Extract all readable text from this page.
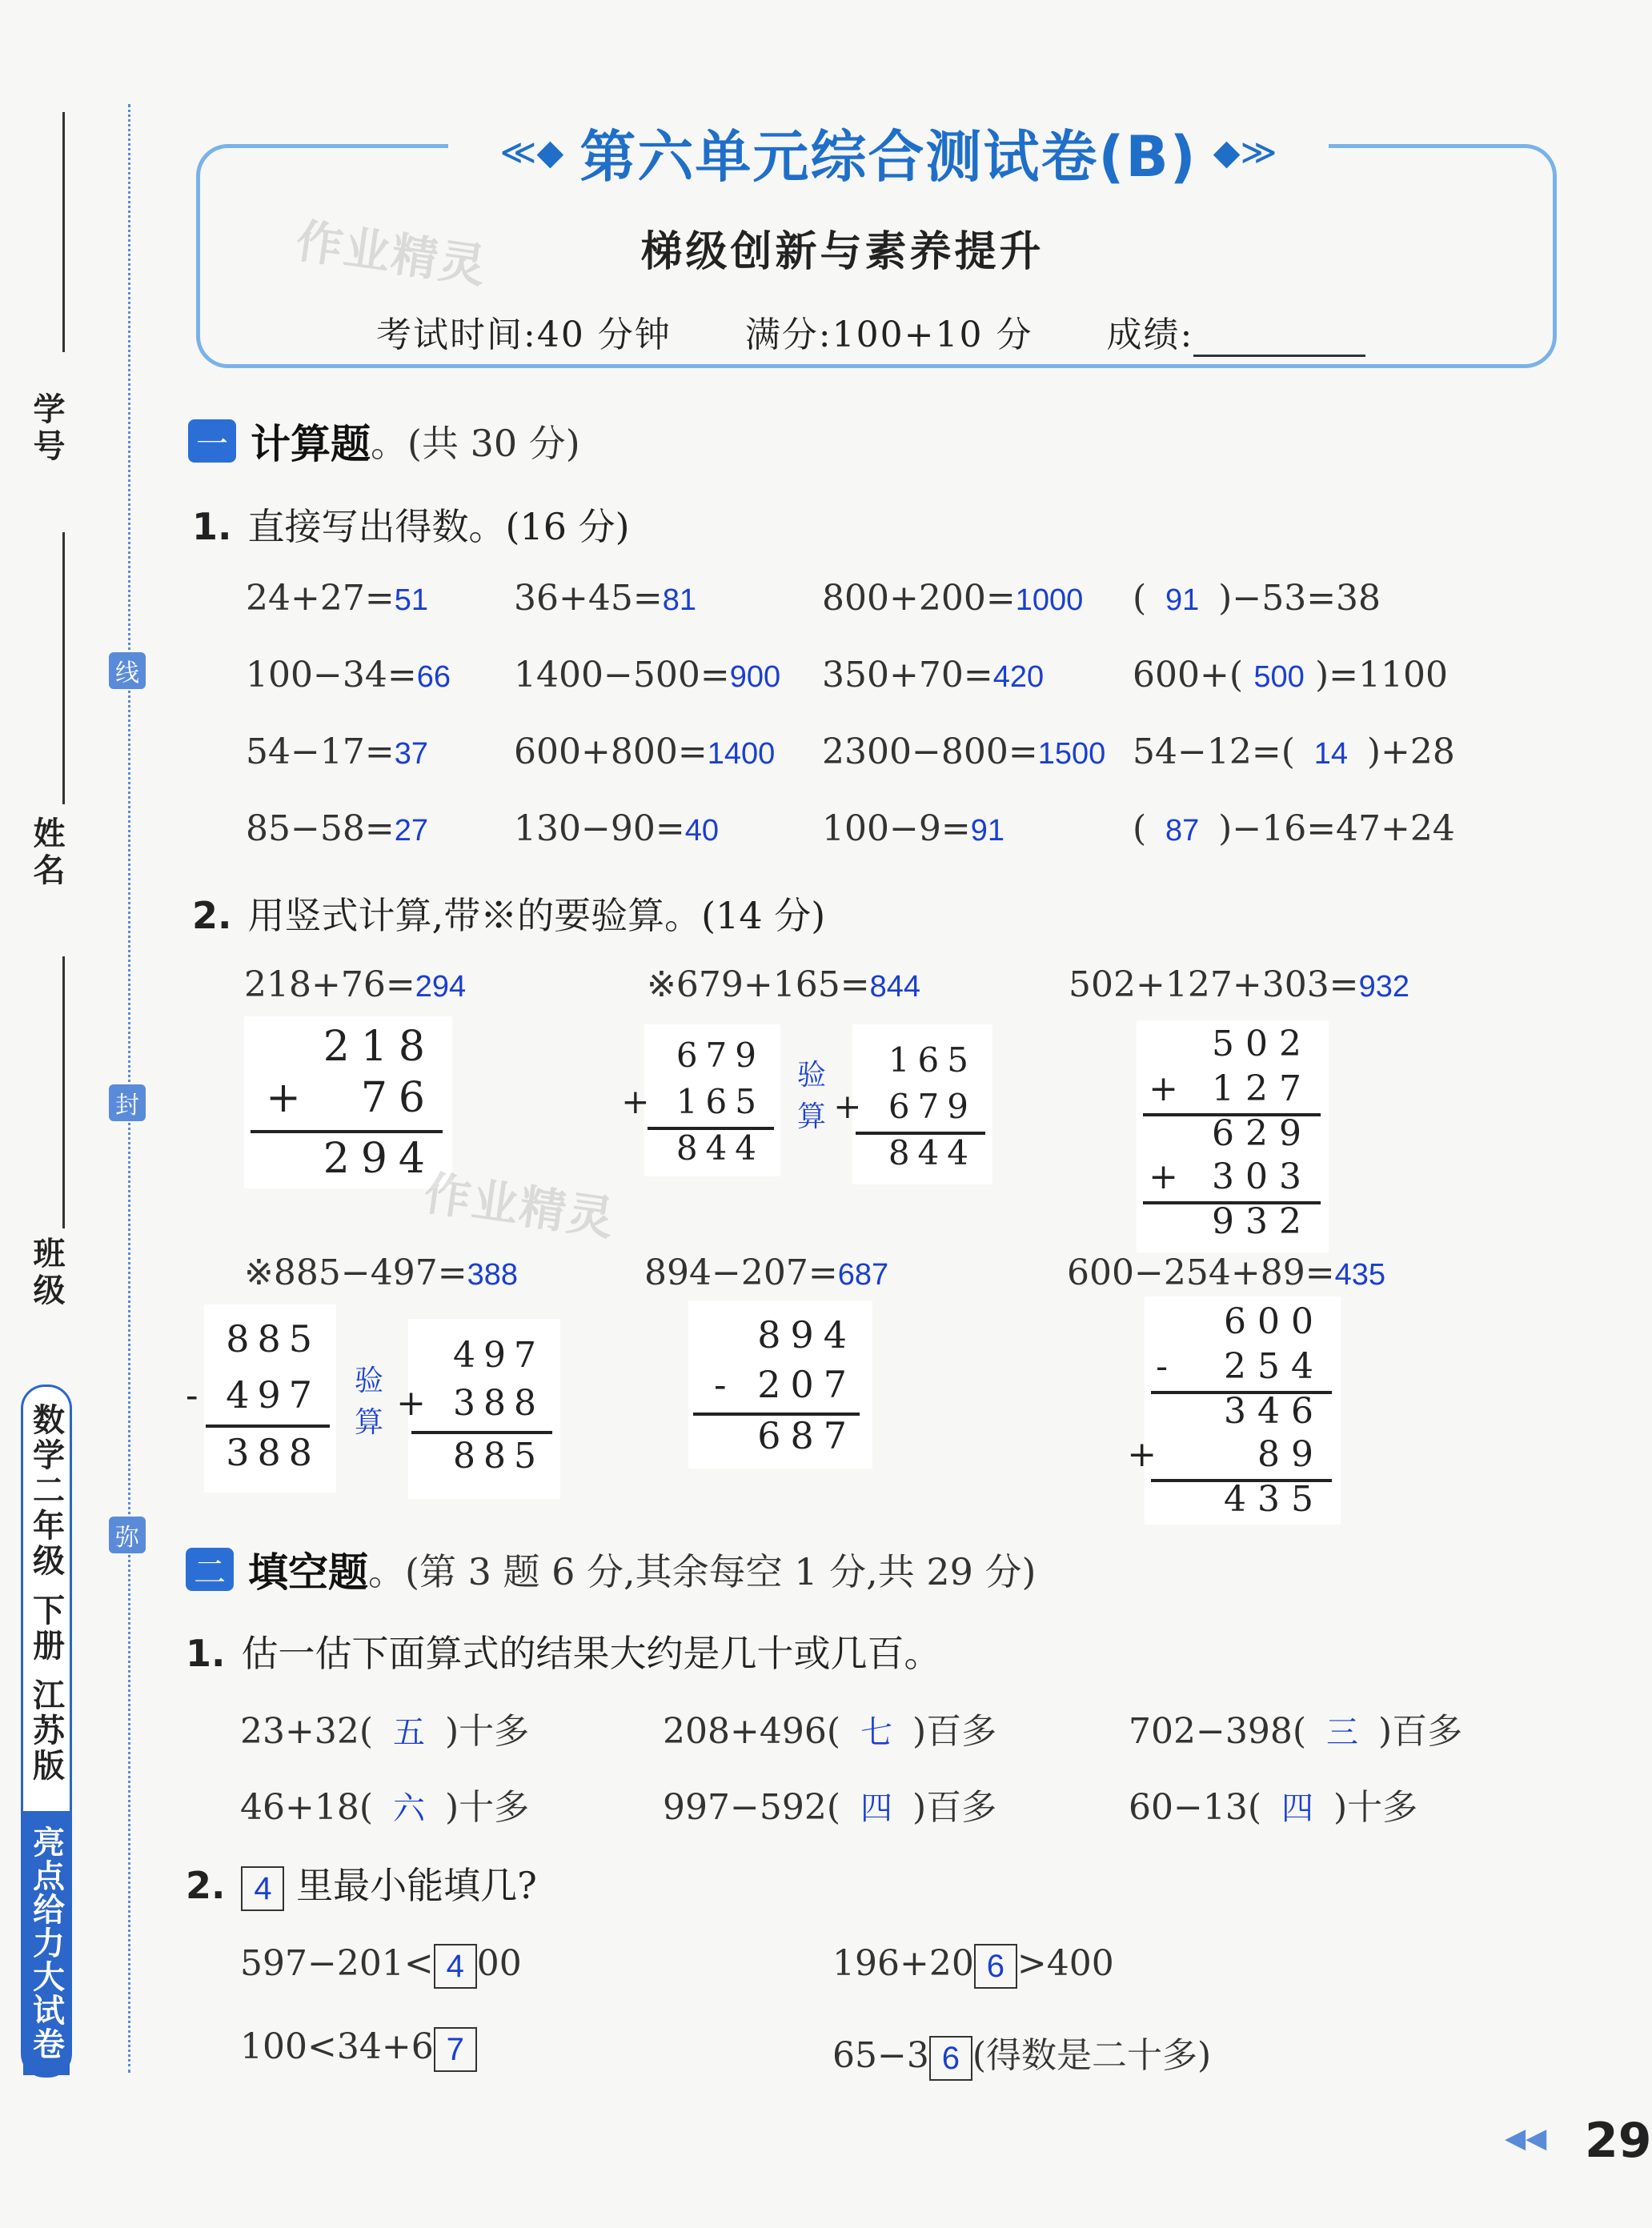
学号
姓名
班级
线
封
弥
数学二年级 下册 江苏版
亮点给力大试卷
≪◆ 第六单元综合测试卷(B) ◆≫
梯级创新与素养提升
作业精灵
考试时间:40 分钟 满分:100+10 分 成绩:
一 计算题 。(共 30 分)
1. 直接写出得数。(16 分)
24+27=51 36+45=81	800+200=1000 ( 91 )−53=38
100−34=66 1400−500=900 350+70=420	600+( 500 )=1100
54−17=37 600+800=1400 2300−800=1500 54−12=( 14 )+28
85−58=27 130−90=40	100−9=91	( 87 )−16=47+24
2. 用竖式计算,带※的要验算。(14 分)
218+76=294	※679+165=844	502+127+303=932
※885−497=388	894−207=687	600−254+89=435
218
+  76
294
作业精灵
679
+ 165
844
验
算
165
+ 679
844
502
+ 127
629
+ 303
932
885
- 497
388
验
算
497
+ 388
885
894
- 207
687
600
-  254
346
+    89
435
二 填空题 。(第 3 题 6 分,其余每空 1 分,共 29 分)
1. 估一估下面算式的结果大约是几十或几百。
23+32( 五 )十多	208+496( 七 )百多	702−398( 三 )百多
46+18( 六 )十多	997−592( 四 )百多	60−13( 四 )十多
2. 4 里最小能填几?
597−201< 4 00	196+20 6 >400
100<34+6 7	65−3 6 (得数是二十多)
◀◀ 29
